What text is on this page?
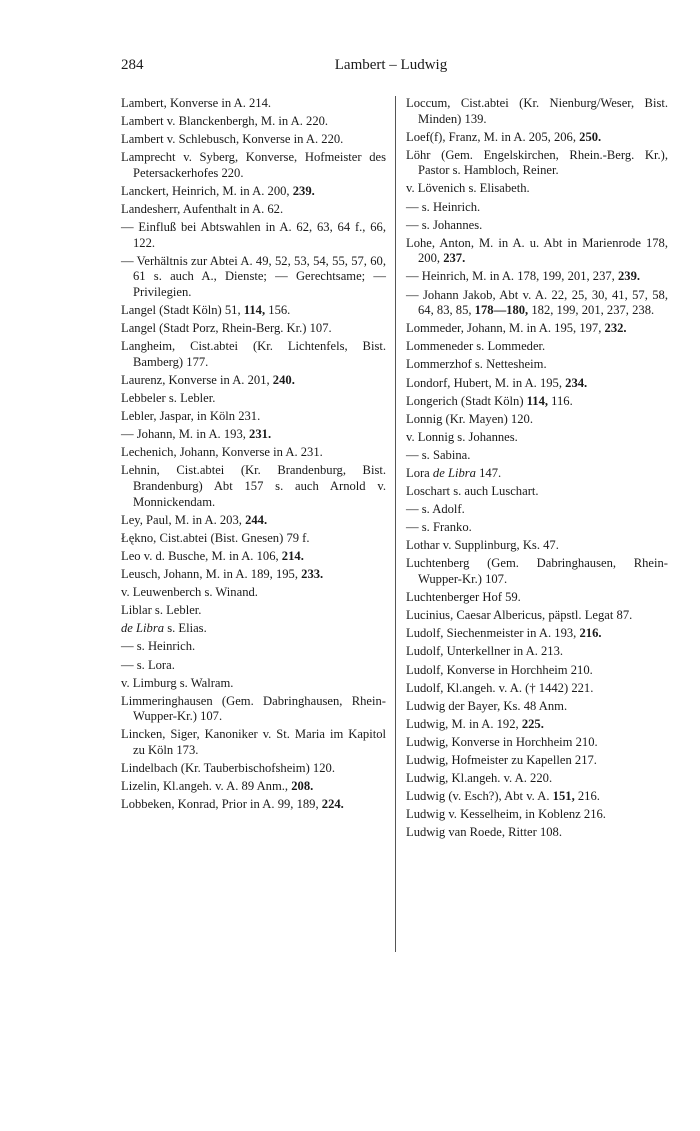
284	Lambert – Ludwig
Lambert, Konverse in A. 214.
Lambert v. Blanckenbergh, M. in A. 220.
Lambert v. Schlebusch, Konverse in A. 220.
Lamprecht v. Syberg, Konverse, Hofmeister des Petersackerhofes 220.
Lanckert, Heinrich, M. in A. 200, 239.
Landesherr, Aufenthalt in A. 62.
— Einfluß bei Abtswahlen in A. 62, 63, 64 f., 66, 122.
— Verhältnis zur Abtei A. 49, 52, 53, 54, 55, 57, 60, 61 s. auch A., Dienste; — Gerechtsame; — Privilegien.
Langel (Stadt Köln) 51, 114, 156.
Langel (Stadt Porz, Rhein-Berg. Kr.) 107.
Langheim, Cist.abtei (Kr. Lichtenfels, Bist. Bamberg) 177.
Laurenz, Konverse in A. 201, 240.
Lebbeler s. Lebler.
Lebler, Jaspar, in Köln 231.
— Johann, M. in A. 193, 231.
Lechenich, Johann, Konverse in A. 231.
Lehnin, Cist.abtei (Kr. Brandenburg, Bist. Brandenburg) Abt 157 s. auch Arnold v. Monnickendam.
Ley, Paul, M. in A. 203, 244.
Łękno, Cist.abtei (Bist. Gnesen) 79 f.
Leo v. d. Busche, M. in A. 106, 214.
Leusch, Johann, M. in A. 189, 195, 233.
v. Leuwenberch s. Winand.
Liblar s. Lebler.
de Libra s. Elias.
— s. Heinrich.
— s. Lora.
v. Limburg s. Walram.
Limmeringhausen (Gem. Dabringhausen, Rhein-Wupper-Kr.) 107.
Lincken, Siger, Kanoniker v. St. Maria im Kapitol zu Köln 173.
Lindelbach (Kr. Tauberbischofsheim) 120.
Lizelin, Kl.angeh. v. A. 89 Anm., 208.
Lobbeken, Konrad, Prior in A. 99, 189, 224.
Loccum, Cist.abtei (Kr. Nienburg/Weser, Bist. Minden) 139.
Loef(f), Franz, M. in A. 205, 206, 250.
Löhr (Gem. Engelskirchen, Rhein.-Berg. Kr.), Pastor s. Hambloch, Reiner.
v. Lövenich s. Elisabeth.
— s. Heinrich.
— s. Johannes.
Lohe, Anton, M. in A. u. Abt in Marienrode 178, 200, 237.
— Heinrich, M. in A. 178, 199, 201, 237, 239.
— Johann Jakob, Abt v. A. 22, 25, 30, 41, 57, 58, 64, 83, 85, 178—180, 182, 199, 201, 237, 238.
Lommeder, Johann, M. in A. 195, 197, 232.
Lommeneder s. Lommeder.
Lommerzhof s. Nettesheim.
Londorf, Hubert, M. in A. 195, 234.
Longerich (Stadt Köln) 114, 116.
Lonnig (Kr. Mayen) 120.
v. Lonnig s. Johannes.
— s. Sabina.
Lora de Libra 147.
Loschart s. auch Luschart.
— s. Adolf.
— s. Franko.
Lothar v. Supplinburg, Ks. 47.
Luchtenberg (Gem. Dabringhausen, Rhein-Wupper-Kr.) 107.
Luchtenberger Hof 59.
Lucinius, Caesar Albericus, päpstl. Legat 87.
Ludolf, Siechenmeister in A. 193, 216.
Ludolf, Unterkellner in A. 213.
Ludolf, Konverse in Horchheim 210.
Ludolf, Kl.angeh. v. A. († 1442) 221.
Ludwig der Bayer, Ks. 48 Anm.
Ludwig, M. in A. 192, 225.
Ludwig, Konverse in Horchheim 210.
Ludwig, Hofmeister zu Kapellen 217.
Ludwig, Kl.angeh. v. A. 220.
Ludwig (v. Esch?), Abt v. A. 151, 216.
Ludwig v. Kesselheim, in Koblenz 216.
Ludwig van Roede, Ritter 108.
